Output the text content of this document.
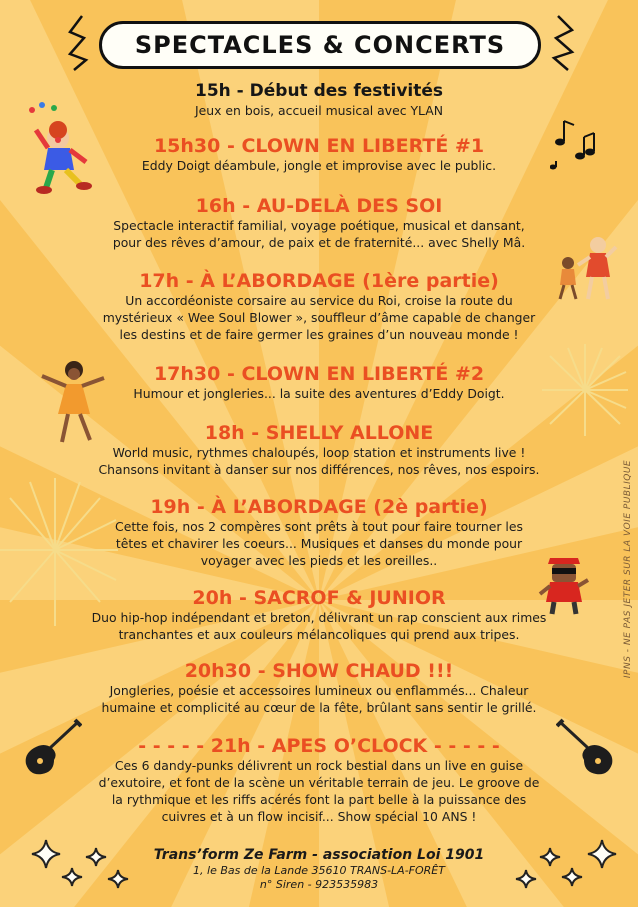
SPECTACLES & CONCERTS
15h - Début des festivités
Jeux en bois, accueil musical avec YLAN
15h30 - CLOWN EN LIBERTÉ #1
Eddy Doigt déambule, jongle et improvise avec le public.
16h - AU-DELÀ DES SOI
Spectacle interactif familial, voyage poétique, musical et dansant,
pour des rêves d’amour, de paix et de fraternité... avec Shelly Mâ.
17h - À L’ABORDAGE (1ère partie)
Un accordéoniste corsaire au service du Roi, croise la route du
mystérieux « Wee Soul Blower », souffleur d’âme capable de changer
les destins et de faire germer les graines d’un nouveau monde !
17h30 - CLOWN EN LIBERTÉ #2
Humour et jongleries... la suite des aventures d’Eddy Doigt.
18h - SHELLY ALLONE
World music, rythmes chaloupés, loop station et instruments live !
Chansons invitant à danser sur nos différences, nos rêves, nos espoirs.
19h - À L’ABORDAGE (2è partie)
Cette fois, nos 2 compères sont prêts à tout pour faire tourner les
têtes et chavirer les coeurs... Musiques et danses du monde pour
voyager avec les pieds et les oreilles..
20h - SACROF & JUNIOR
Duo hip-hop indépendant et breton, délivrant un rap conscient aux rimes
tranchantes et aux couleurs mélancoliques qui prend aux tripes.
20h30 - SHOW CHAUD !!!
Jongleries, poésie et accessoires lumineux ou enflammés... Chaleur
humaine et complicité au cœur de la fête, brûlant sans sentir le grillé.
- - - - - 21h - APES O’CLOCK - - - - -
Ces 6 dandy-punks délivrent un rock bestial dans un live en guise
d’exutoire, et font de la scène un véritable terrain de jeu. Le groove de
la rythmique et les riffs acérés font la part belle à la puissance des
cuivres et à un flow incisif... Show spécial 10 ANS !
Trans’form Ze Farm - association Loi 1901
1, le Bas de la Lande 35610 TRANS-LA-FORÊT
n° Siren - 923535983
IPNS - NE PAS JETER SUR LA VOIE PUBLIQUE
